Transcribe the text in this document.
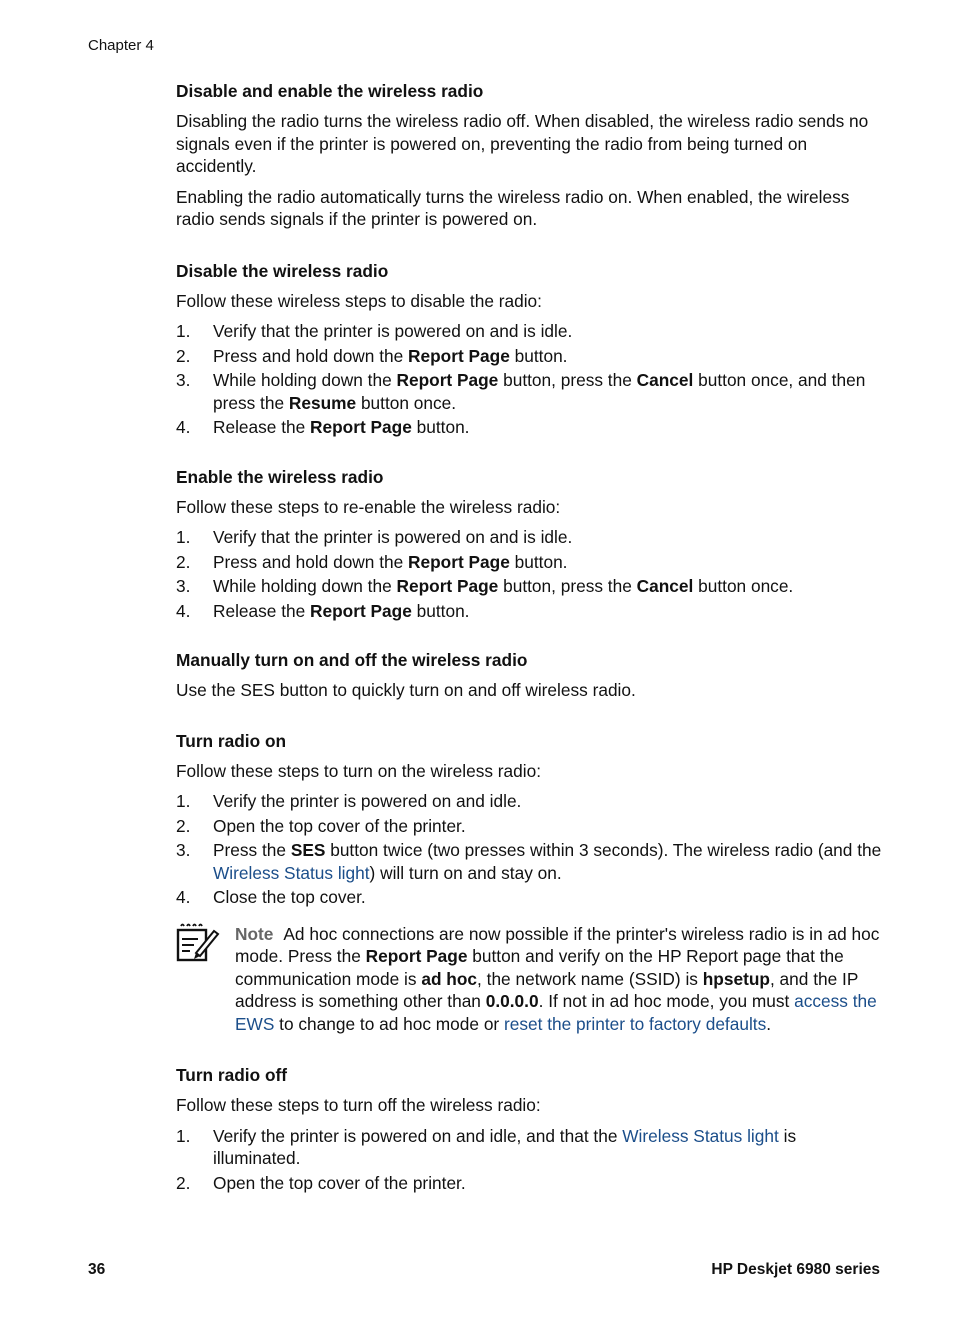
Chapter 4
Disable and enable the wireless radio

Disabling the radio turns the wireless radio off. When disabled, the wireless radio sends no signals even if the printer is powered on, preventing the radio from being turned on accidently.

Enabling the radio automatically turns the wireless radio on. When enabled, the wireless radio sends signals if the printer is powered on.

Disable the wireless radio

Follow these wireless steps to disable the radio:

1. Verify that the printer is powered on and is idle.
2. Press and hold down the Report Page button.
3. While holding down the Report Page button, press the Cancel button once, and then press the Resume button once.
4. Release the Report Page button.
Enable the wireless radio

Follow these steps to re-enable the wireless radio:

1. Verify that the printer is powered on and is idle.
2. Press and hold down the Report Page button.
3. While holding down the Report Page button, press the Cancel button once.
4. Release the Report Page button.
Manually turn on and off the wireless radio

Use the SES button to quickly turn on and off wireless radio.

Turn radio on

Follow these steps to turn on the wireless radio:

1. Verify the printer is powered on and idle.
2. Open the top cover of the printer.
3. Press the SES button twice (two presses within 3 seconds). The wireless radio (and the Wireless Status light) will turn on and stay on.
4. Close the top cover.
Note Ad hoc connections are now possible if the printer's wireless radio is in ad hoc mode. Press the Report Page button and verify on the HP Report page that the communication mode is ad hoc, the network name (SSID) is hpsetup, and the IP address is something other than 0.0.0.0. If not in ad hoc mode, you must access the EWS to change to ad hoc mode or reset the printer to factory defaults.
Turn radio off

Follow these steps to turn off the wireless radio:

1. Verify the printer is powered on and idle, and that the Wireless Status light is illuminated.
2. Open the top cover of the printer.
36	HP Deskjet 6980 series
